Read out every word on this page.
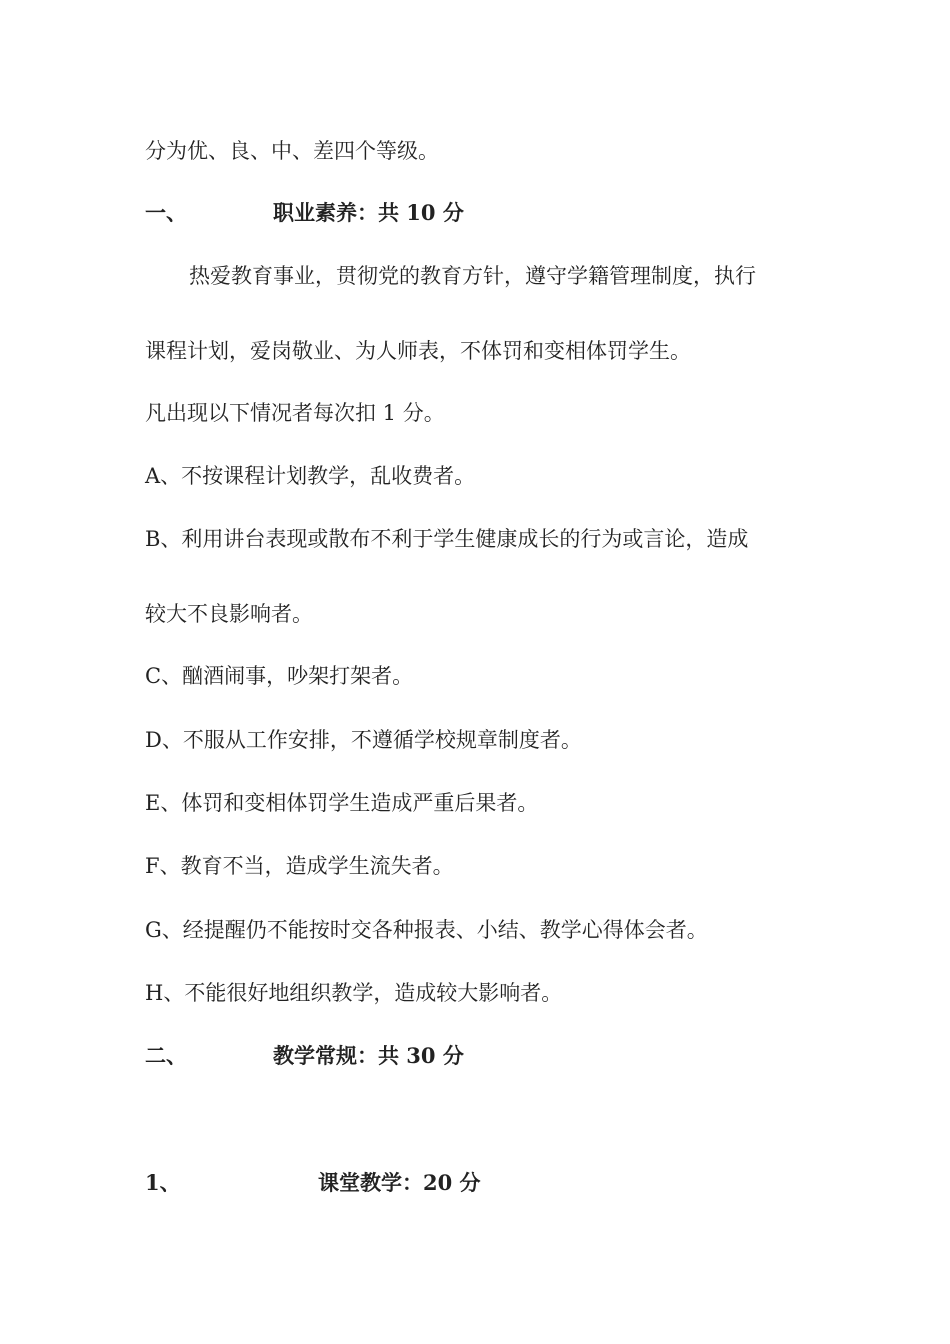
分为优、良、中、差四个等级。
一、	职业素养：共 10 分
热爱教育事业，贯彻党的教育方针，遵守学籍管理制度，执行
课程计划，爱岗敬业、为人师表，不体罚和变相体罚学生。
凡出现以下情况者每次扣 1 分。
A、不按课程计划教学，乱收费者。
B、利用讲台表现或散布不利于学生健康成长的行为或言论，造成
较大不良影响者。
C、酗酒闹事，吵架打架者。
D、不服从工作安排，不遵循学校规章制度者。
E、体罚和变相体罚学生造成严重后果者。
F、教育不当，造成学生流失者。
G、经提醒仍不能按时交各种报表、小结、教学心得体会者。
H、不能很好地组织教学，造成较大影响者。
二、	教学常规：共 30 分
1、	课堂教学：20 分
